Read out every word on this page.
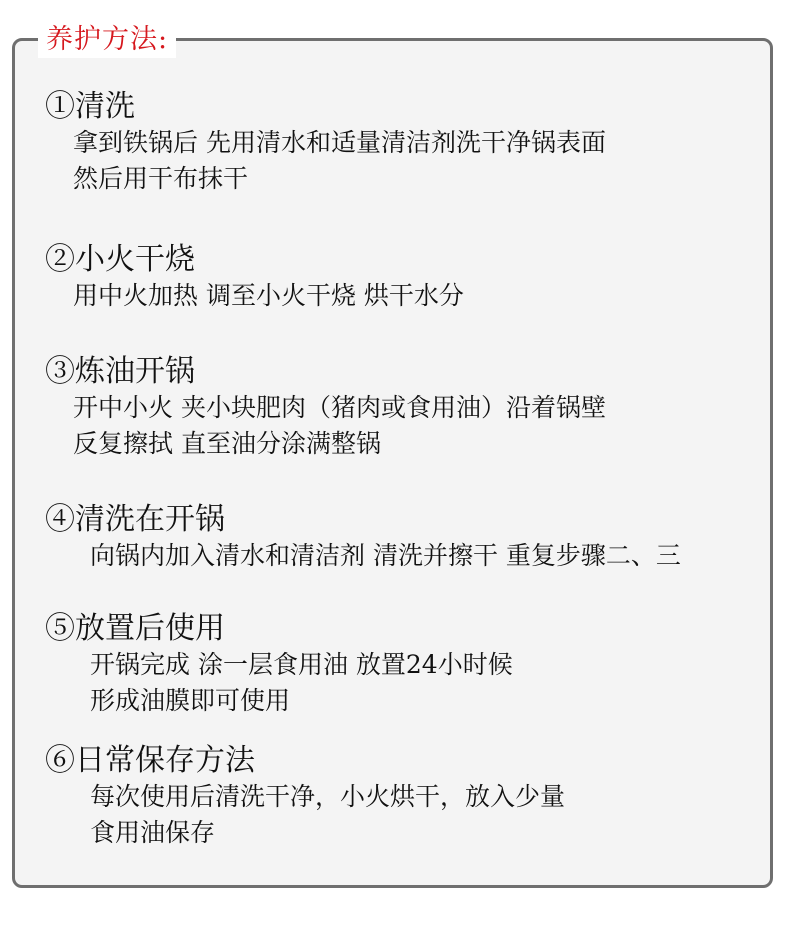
养护方法:
①清洗
拿到铁锅后 先用清水和适量清洁剂洗干净锅表面
然后用干布抹干
②小火干烧
用中火加热 调至小火干烧 烘干水分
③炼油开锅
开中小火 夹小块肥肉（猪肉或食用油）沿着锅壁
反复擦拭 直至油分涂满整锅
④清洗在开锅
向锅内加入清水和清洁剂 清洗并擦干 重复步骤二、三
⑤放置后使用
开锅完成 涂一层食用油 放置24小时候
形成油膜即可使用
⑥日常保存方法
每次使用后清洗干净，小火烘干，放入少量
食用油保存
